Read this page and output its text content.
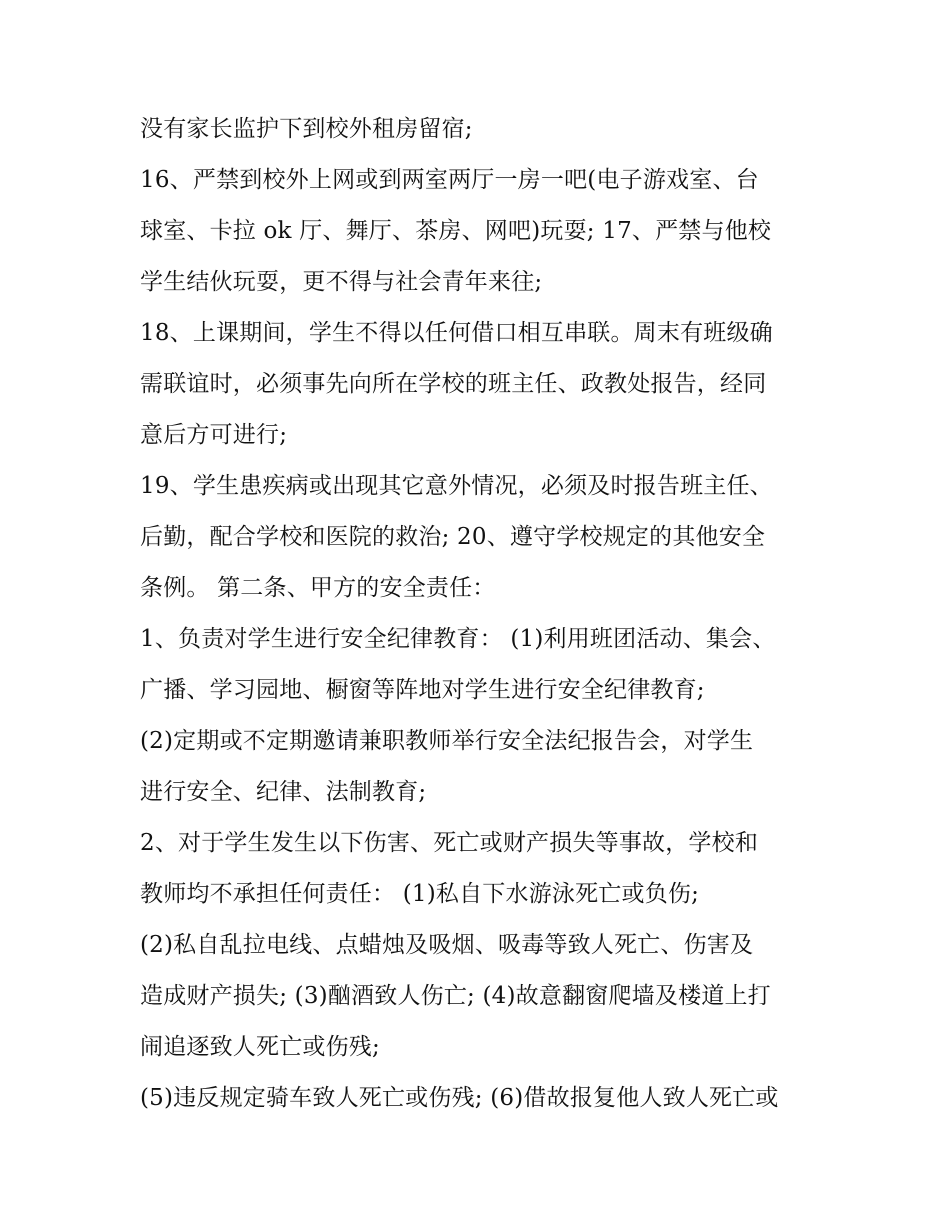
没有家长监护下到校外租房留宿;
16、严禁到校外上网或到两室两厅一房一吧(电子游戏室、台
球室、卡拉 ok 厅、舞厅、茶房、网吧)玩耍; 17、严禁与他校
学生结伙玩耍，更不得与社会青年来往;
18、上课期间，学生不得以任何借口相互串联。周末有班级确
需联谊时，必须事先向所在学校的班主任、政教处报告，经同
意后方可进行;
19、学生患疾病或出现其它意外情况，必须及时报告班主任、
后勤，配合学校和医院的救治; 20、遵守学校规定的其他安全
条例。 第二条、甲方的安全责任：
1、负责对学生进行安全纪律教育： (1)利用班团活动、集会、
广播、学习园地、橱窗等阵地对学生进行安全纪律教育;
(2)定期或不定期邀请兼职教师举行安全法纪报告会，对学生
进行安全、纪律、法制教育;
2、对于学生发生以下伤害、死亡或财产损失等事故，学校和
教师均不承担任何责任： (1)私自下水游泳死亡或负伤;
(2)私自乱拉电线、点蜡烛及吸烟、吸毒等致人死亡、伤害及
造成财产损失; (3)酗酒致人伤亡; (4)故意翻窗爬墙及楼道上打
闹追逐致人死亡或伤残;
(5)违反规定骑车致人死亡或伤残; (6)借故报复他人致人死亡或
